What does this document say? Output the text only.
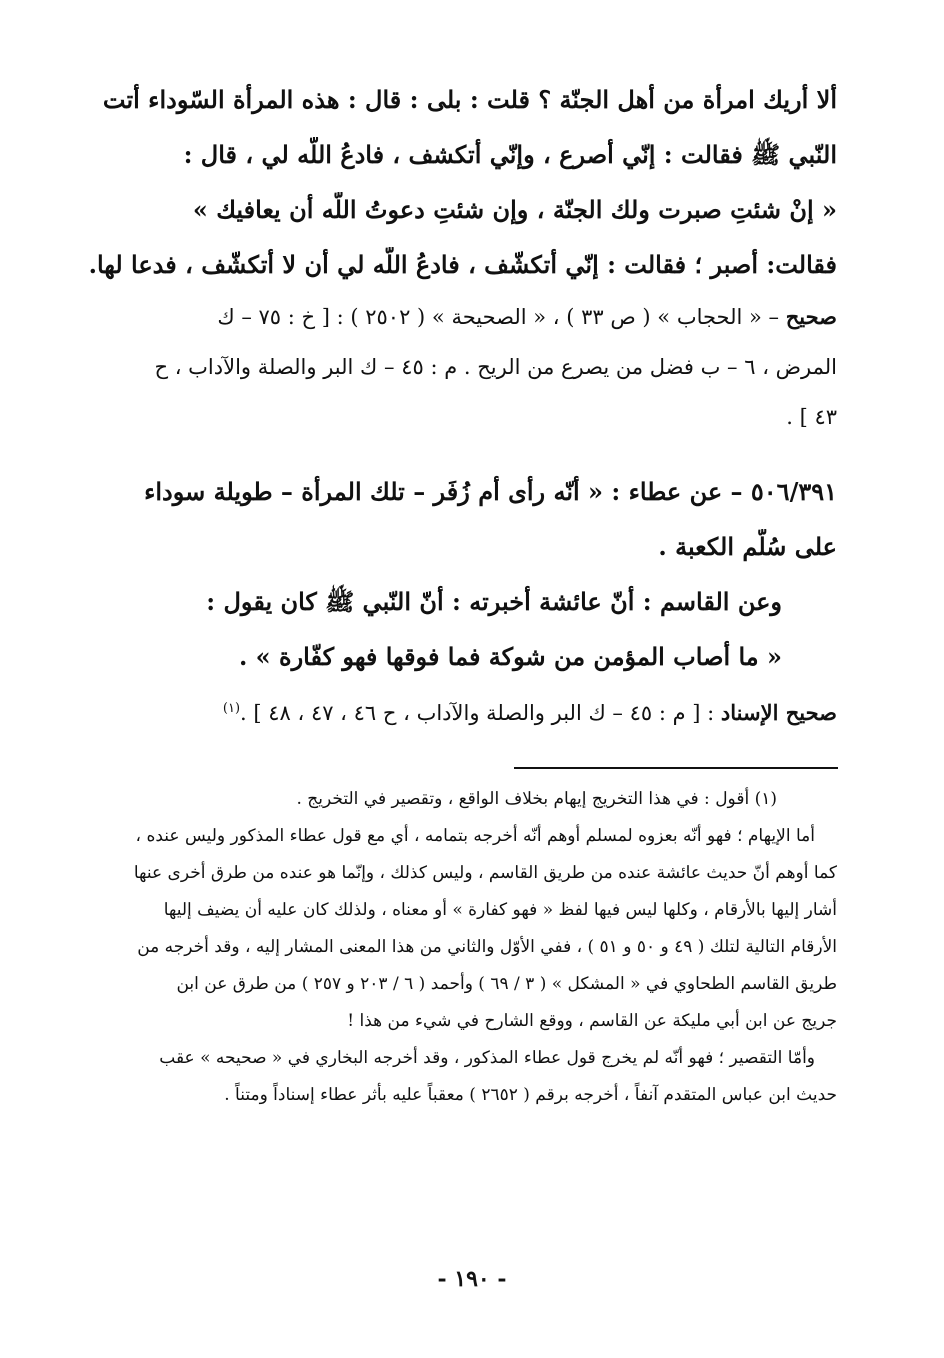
ألا أريك امرأة من أهل الجنّة ؟ قلت : بلى : قال : هذه المرأة السّوداء أتت
النّبي ﷺ فقالت : إنّي أصرع ، وإنّي أتكشف ، فادعُ اللّه لي ، قال :
« إنْ شئتِ صبرت ولك الجنّة ، وإن شئتِ دعوتُ اللّه أن يعافيك »
فقالت: أصبر ؛ فقالت : إنّي أتكشّف ، فادعُ اللّه لي أن لا أتكشّف ، فدعا لها.
صحيح – « الحجاب » ( ص ٣٣ ) ، « الصحيحة » ( ٢٥٠٢ ) : [ خ : ٧٥ – ك
المرض ، ٦ – ب فضل من يصرع من الريح . م : ٤٥ – ك البر والصلة والآداب ، ح
٤٣ ] .
٥٠٦/٣٩١ – عن عطاء : « أنّه رأى أم زُفَر – تلك المرأة – طويلة سوداء
على سُلّم الكعبة .
وعن القاسم : أنّ عائشة أخبرته : أنّ النّبي ﷺ كان يقول :
« ما أصاب المؤمن من شوكة فما فوقها فهو كفّارة » .
صحيح الإسناد : [ م : ٤٥ – ك البر والصلة والآداب ، ح ٤٦ ، ٤٧ ، ٤٨ ] .$^{(١)}$
(١) أقول : في هذا التخريج إيهام بخلاف الواقع ، وتقصير في التخريج .
أما الإيهام ؛ فهو أنّه بعزوه لمسلم أوهم أنّه أخرجه بتمامه ، أي مع قول عطاء المذكور وليس عنده ،
كما أوهم أنّ حديث عائشة عنده من طريق القاسم ، وليس كذلك ، وإنّما هو عنده من طرق أخرى عنها
أشار إليها بالأرقام ، وكلها ليس فيها لفظ « فهو كفارة » أو معناه ، ولذلك كان عليه أن يضيف إليها
الأرقام التالية لتلك ( ٤٩ و ٥٠ و ٥١ ) ، ففي الأوّل والثاني من هذا المعنى المشار إليه ، وقد أخرجه من
طريق القاسم الطحاوي في « المشكل » ( ٣ / ٦٩ ) وأحمد ( ٦ / ٢٠٣ و ٢٥٧ ) من طرق عن ابن
جريج عن ابن أبي مليكة عن القاسم ، ووقع الشارح في شيء من هذا !
وأمّا التقصير ؛ فهو أنّه لم يخرج قول عطاء المذكور ، وقد أخرجه البخاري في « صحيحه » عقب
حديث ابن عباس المتقدم آنفاً ، أخرجه برقم ( ٢٦٥٢ ) معقباً عليه بأثر عطاء إسناداً ومتناً .
- ١٩٠ -
